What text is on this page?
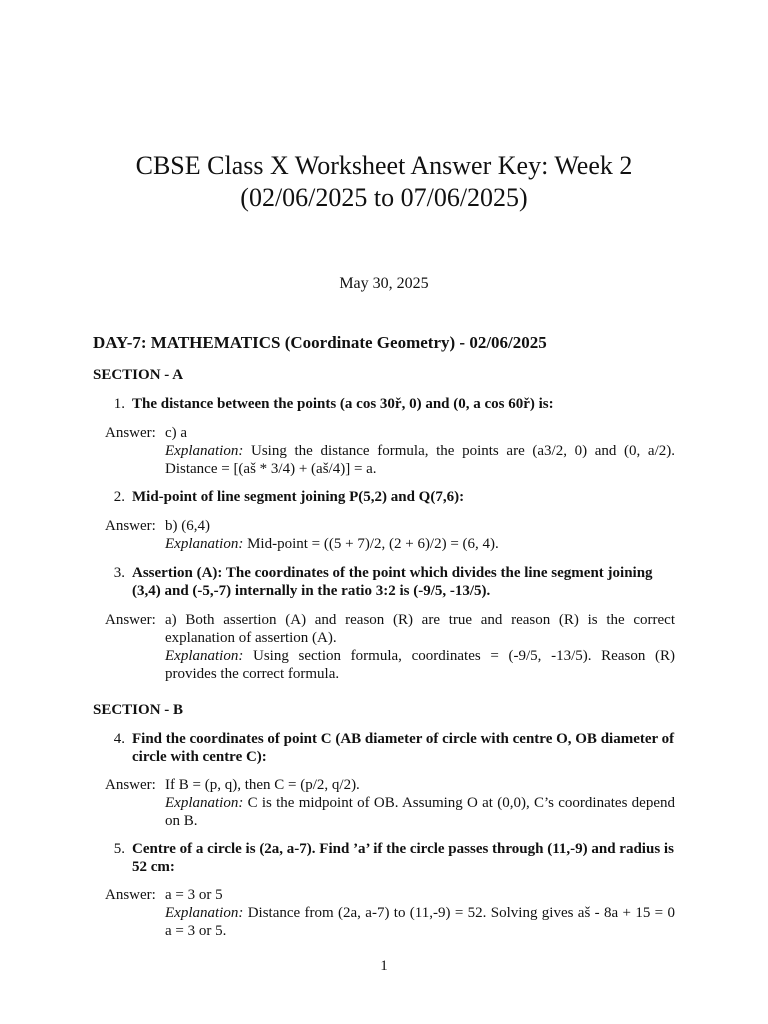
CBSE Class X Worksheet Answer Key: Week 2
(02/06/2025 to 07/06/2025)
May 30, 2025
DAY-7: MATHEMATICS (Coordinate Geometry) - 02/06/2025
SECTION - A
1. The distance between the points (a cos 30ř, 0) and (0, a cos 60ř) is:
Answer: c) a
Explanation: Using the distance formula, the points are (a3/2, 0) and (0, a/2). Distance = [(aš * 3/4) + (aš/4)] = a.
2. Mid-point of line segment joining P(5,2) and Q(7,6):
Answer: b) (6,4)
Explanation: Mid-point = ((5 + 7)/2, (2 + 6)/2) = (6, 4).
3. Assertion (A): The coordinates of the point which divides the line segment joining (3,4) and (-5,-7) internally in the ratio 3:2 is (-9/5, -13/5).
Answer: a) Both assertion (A) and reason (R) are true and reason (R) is the correct explanation of assertion (A).
Explanation: Using section formula, coordinates = (-9/5, -13/5). Reason (R) provides the correct formula.
SECTION - B
4. Find the coordinates of point C (AB diameter of circle with centre O, OB diameter of circle with centre C):
Answer: If B = (p, q), then C = (p/2, q/2).
Explanation: C is the midpoint of OB. Assuming O at (0,0), C’s coordinates depend on B.
5. Centre of a circle is (2a, a-7). Find ’a’ if the circle passes through (11,-9) and radius is 52 cm:
Answer: a = 3 or 5
Explanation: Distance from (2a, a-7) to (11,-9) = 52. Solving gives aš - 8a + 15 = 0 a = 3 or 5.
1
